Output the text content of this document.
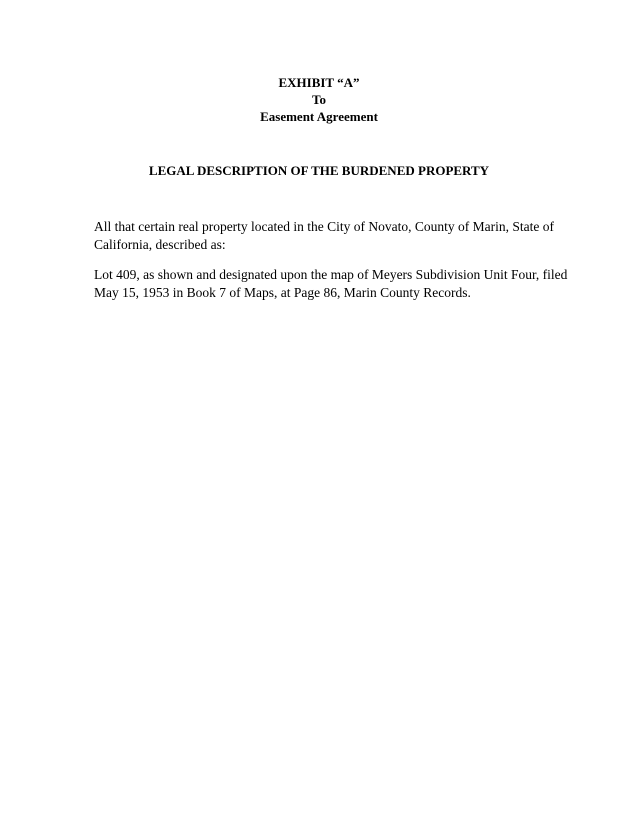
EXHIBIT “A”
To
Easement Agreement
LEGAL DESCRIPTION OF THE BURDENED PROPERTY
All that certain real property located in the City of Novato, County of Marin, State of
California, described as:
Lot 409, as shown and designated upon the map of Meyers Subdivision Unit Four, filed
May 15, 1953 in Book 7 of Maps, at Page 86, Marin County Records.
